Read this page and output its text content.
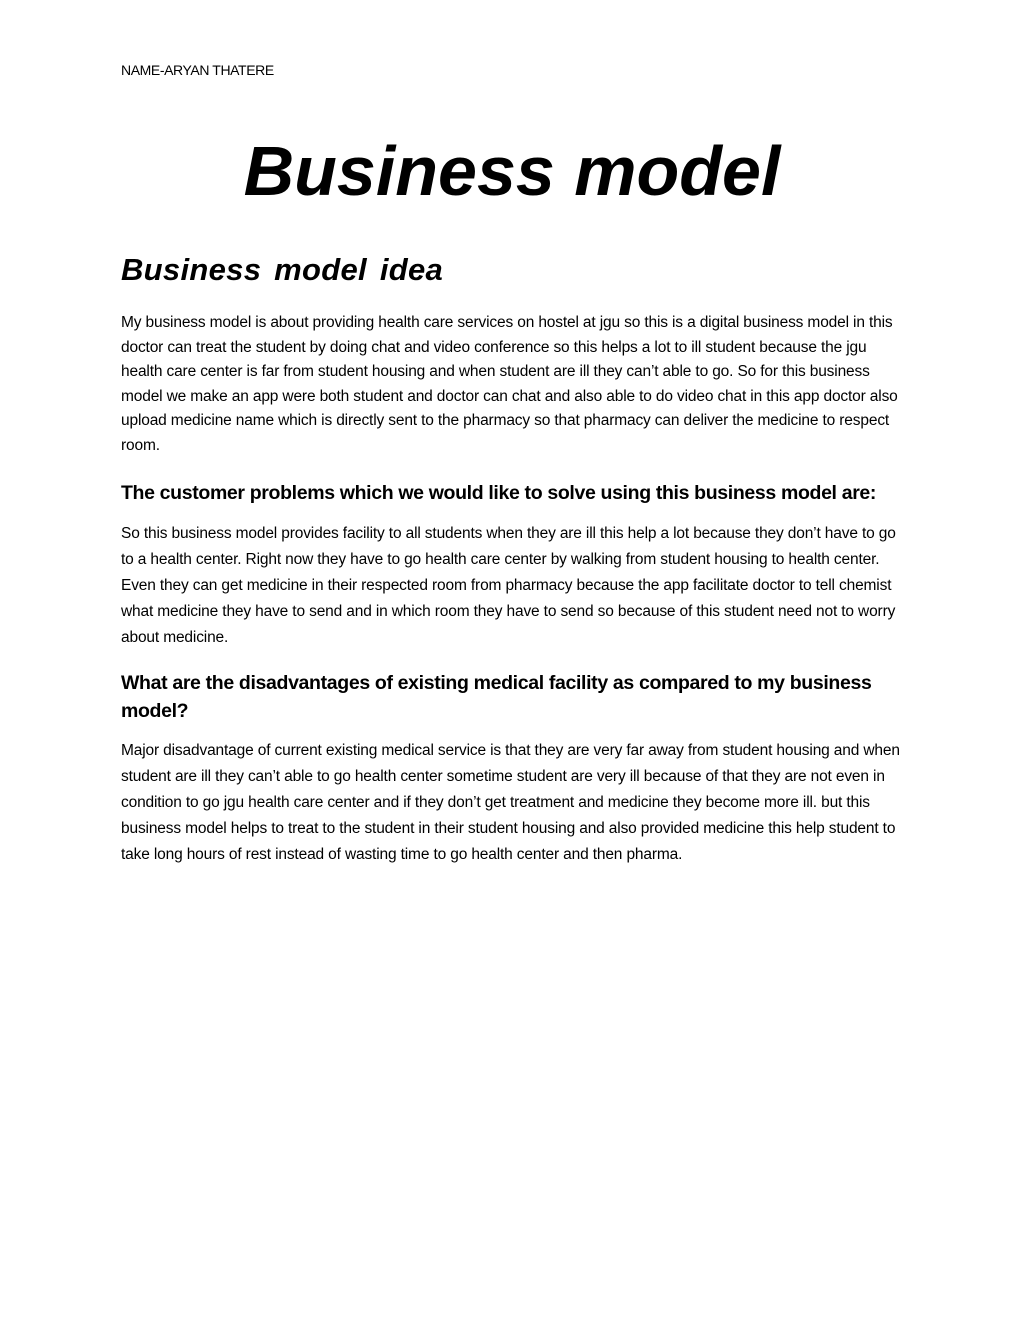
NAME-ARYAN THATERE
Business model
Business model idea

My business model is about providing health care services on hostel at jgu so this is a digital business model in this doctor can treat the student by doing chat and video conference so this helps a lot to ill student because the jgu health care center is far from student housing and when student are ill they can’t able to go. So for this business model we make an app were both student and doctor can chat and also able to do video chat in this app doctor also upload medicine name which is directly sent to the pharmacy so that pharmacy can deliver the medicine to respect room.

The customer problems which we would like to solve using this business model are:

So this business model provides facility to all students when they are ill this help a lot because they don’t have to go to a health center. Right now they have to go health care center by walking from student housing to health center. Even they can get medicine in their respected room from pharmacy because the app facilitate doctor to tell chemist what medicine they have to send and in which room they have to send so because of this student need not to worry about medicine.

What are the disadvantages of existing medical facility as compared to my business model?

Major disadvantage of current existing medical service is that they are very far away from student housing and when student are ill they can’t able to go health center sometime student are very ill because of that they are not even in condition to go jgu health care center and if they don’t get treatment and medicine they become more ill. but this business model helps to treat to the student in their student housing and also provided medicine this help student to take long hours of rest instead of wasting time to go health center and then pharma.
